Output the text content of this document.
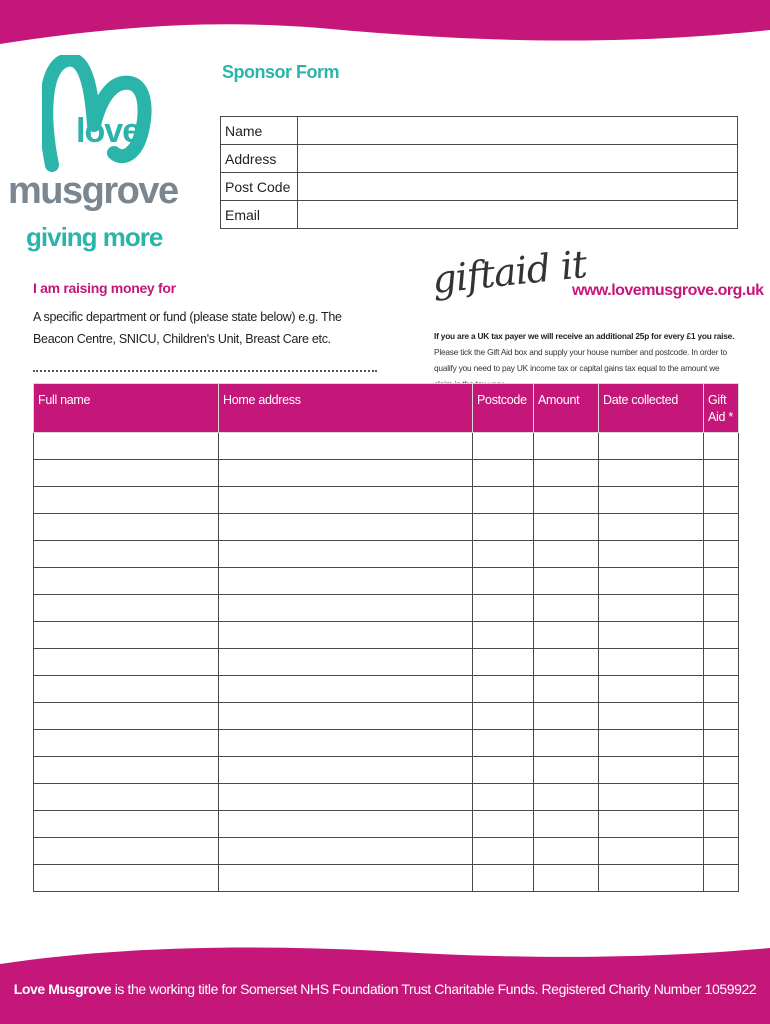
love
musgrove
giving more
Sponsor Form
Name	
Address	
Post Code	
Email	
I am raising money for
A specific department or fund (please state below) e.g. The Beacon Centre, SNICU, Children's Unit, Breast Care etc.
giftaid it
www.lovemusgrove.org.uk
If you are a UK tax payer we will receive an additional 25p for every £1 you raise. Please tick the Gift Aid box and supply your house number and postcode. In order to qualify you need to pay UK income tax or capital gains tax equal to the amount we
Full name	Home address	Postcode	Amount	Date collected	Gift Aid *

Love Musgrove is the working title for Somerset NHS Foundation Trust Charitable Funds. Registered Charity Number 1059922
